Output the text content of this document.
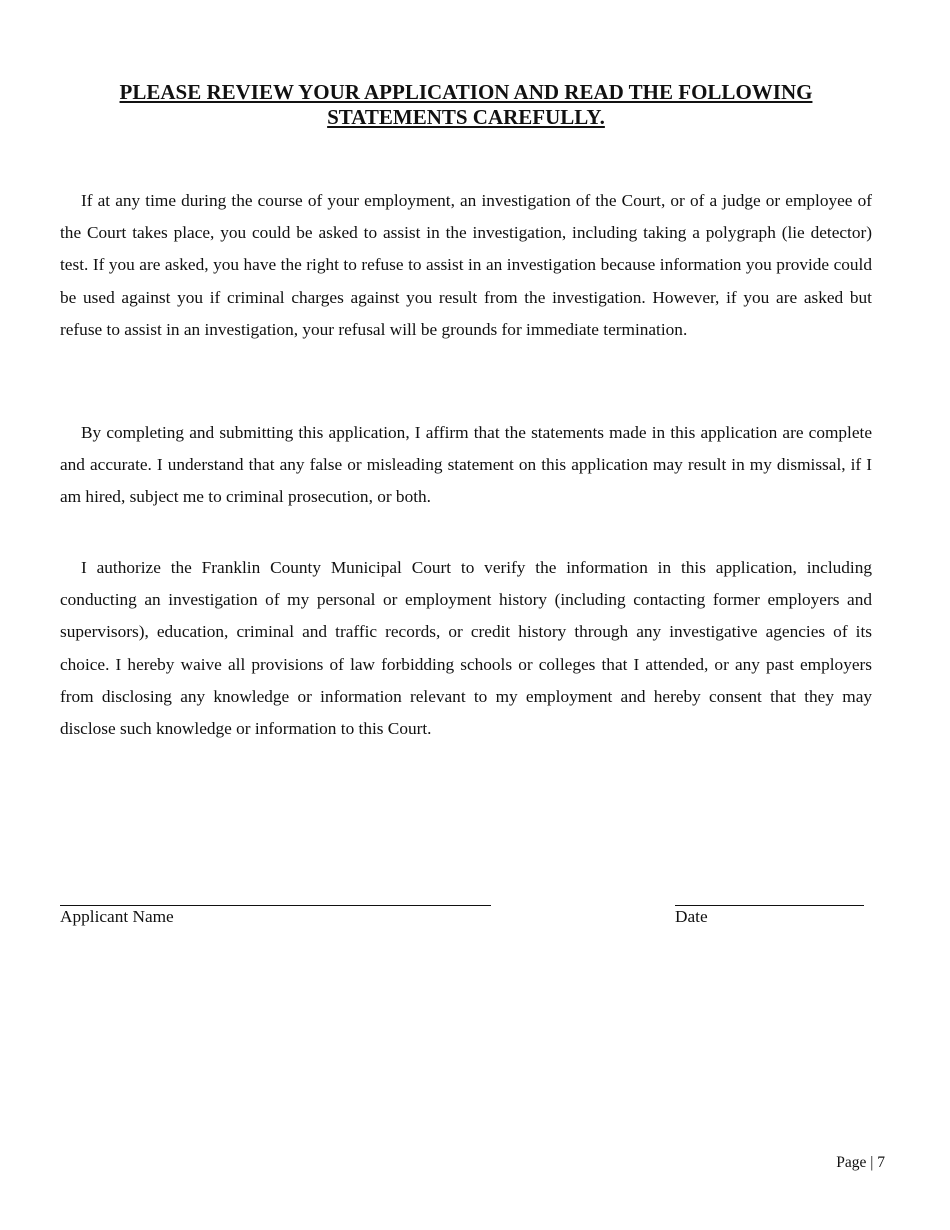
PLEASE REVIEW YOUR APPLICATION AND READ THE FOLLOWING STATEMENTS CAREFULLY.

If at any time during the course of your employment, an investigation of the Court, or of a judge or employee of the Court takes place, you could be asked to assist in the investigation, including taking a polygraph (lie detector) test. If you are asked, you have the right to refuse to assist in an investigation because information you provide could be used against you if criminal charges against you result from the investigation. However, if you are asked but refuse to assist in an investigation, your refusal will be grounds for immediate termination.

By completing and submitting this application, I affirm that the statements made in this application are complete and accurate. I understand that any false or misleading statement on this application may result in my dismissal, if I am hired, subject me to criminal prosecution, or both.

I authorize the Franklin County Municipal Court to verify the information in this application, including conducting an investigation of my personal or employment history (including contacting former employers and supervisors), education, criminal and traffic records, or credit history through any investigative agencies of its choice. I hereby waive all provisions of law forbidding schools or colleges that I attended, or any past employers from disclosing any knowledge or information relevant to my employment and hereby consent that they may disclose such knowledge or information to this Court.

Applicant Name	Date
Page | 7
